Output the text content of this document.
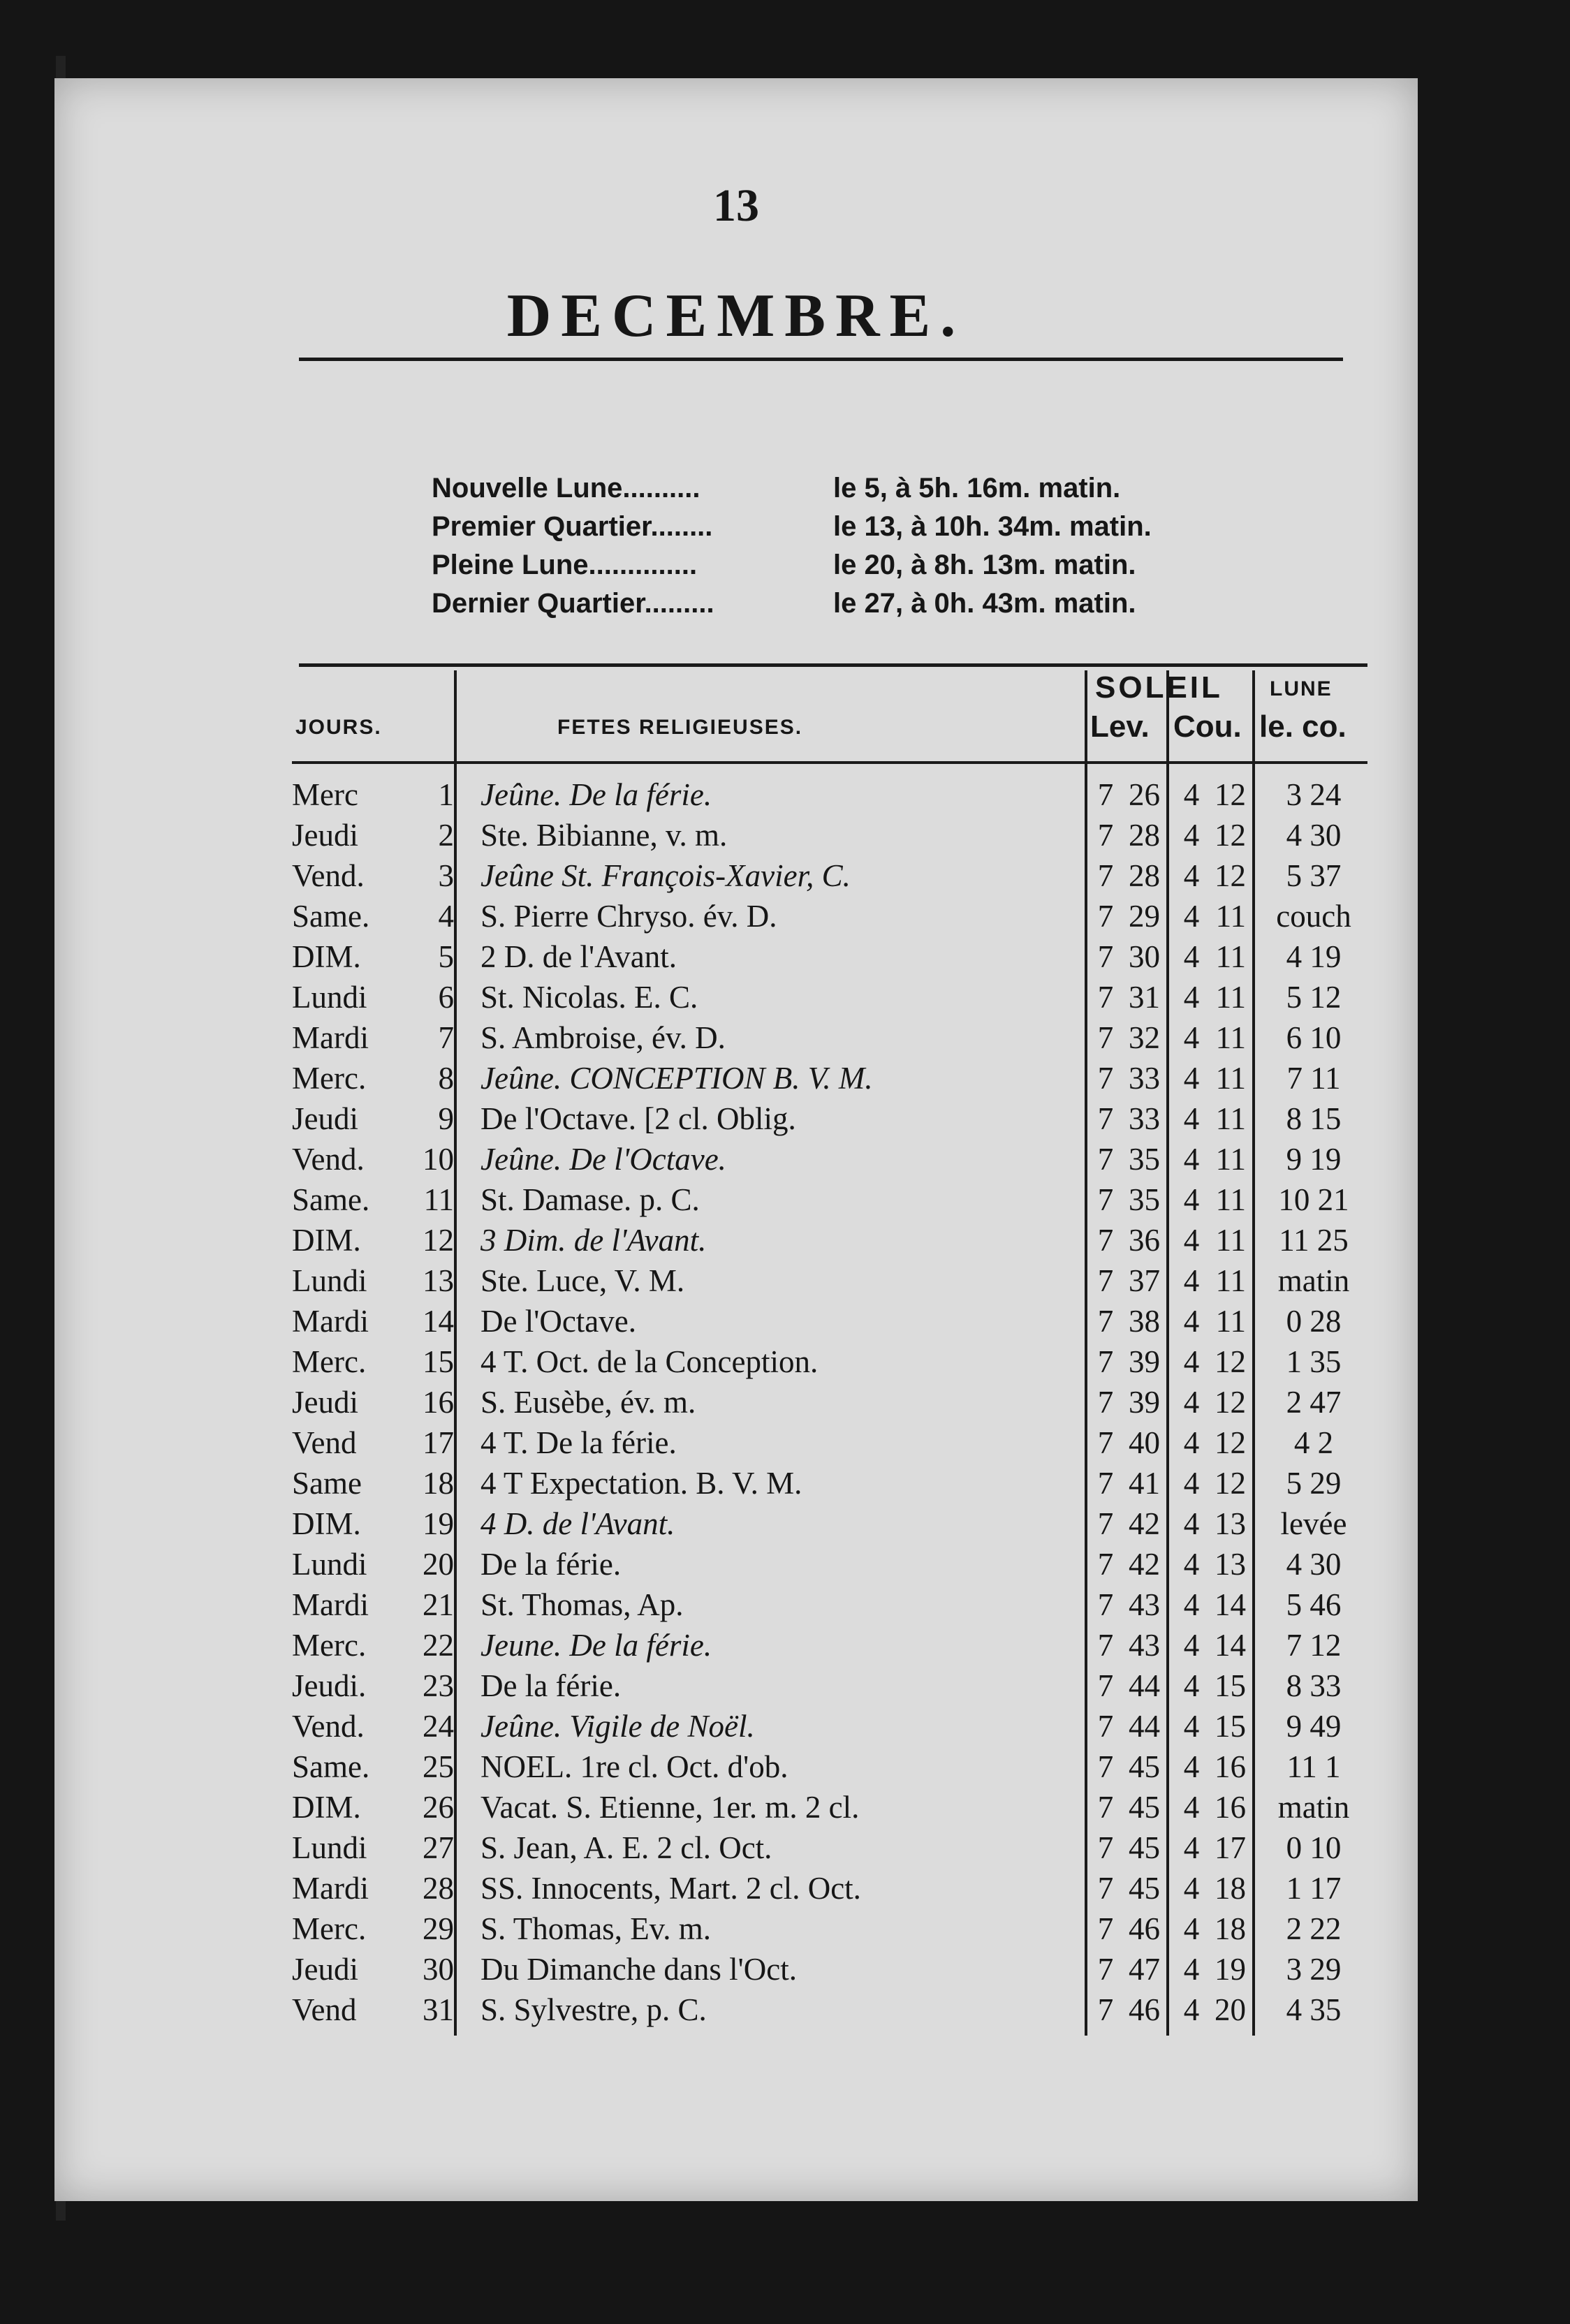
13
DECEMBRE.
Nouvelle Lune..........	le 5, à 5h. 16m. matin.
Premier Quartier........	le 13, à 10h. 34m. matin.
Pleine Lune..............	le 20, à 8h. 13m. matin.
Dernier Quartier.........	le 27, à 0h. 43m. matin.
JOURS.	FETES RELIGIEUSES.
SOLEIL
Lev. Cou.
LUNE
le. co.
Merc	1 Jeûne. De la férie.	7 26 4 12	3 24
Jeudi	2 Ste. Bibianne, v. m.	7 28 4 12	4 30
Vend.	3 Jeûne St. François-Xavier, C.	7 28 4 12	5 37
Same.	4 S. Pierre Chryso. év. D.	7 29 4 11 couch
DIM.	5 2 D. de l'Avant.	7 30 4 11	4 19
Lundi	6 St. Nicolas. E. C.	7 31 4 11	5 12
Mardi	7 S. Ambroise, év. D.	7 32 4 11	6 10
Merc.	8 Jeûne. CONCEPTION B. V. M.	7 33 4 11	7 11
Jeudi	9 De l'Octave. [2 cl. Oblig.	7 33 4 11	8 15
Vend.	10 Jeûne. De l'Octave.	7 35 4 11	9 19
Same.	11 St. Damase. p. C.	7 35 4 11	10 21
DIM.	12 3 Dim. de l'Avant.	7 36 4 11	11 25
Lundi	13 Ste. Luce, V. M.	7 37 4 11	matin
Mardi	14 De l'Octave.	7 38 4 11	0 28
Merc.	15 4 T. Oct. de la Conception.	7 39 4 12	1 35
Jeudi	16 S. Eusèbe, év. m.	7 39 4 12	2 47
Vend	17 4 T. De la férie.	7 40 4 12	4 2
Same	18 4 T Expectation. B. V. M.	7 41 4 12	5 29
DIM.	19 4 D. de l'Avant.	7 42 4 13	levée
Lundi	20 De la férie.	7 42 4 13	4 30
Mardi	21 St. Thomas, Ap.	7 43 4 14	5 46
Merc.	22 Jeune. De la férie.	7 43 4 14	7 12
Jeudi.	23 De la férie.	7 44 4 15	8 33
Vend.	24 Jeûne. Vigile de Noël.	7 44 4 15	9 49
Same.	25 NOEL. 1re cl. Oct. d'ob.	7 45 4 16	11 1
DIM.	26 Vacat. S. Etienne, 1er. m. 2 cl.	7 45 4 16	matin
Lundi	27 S. Jean, A. E. 2 cl. Oct.	7 45 4 17	0 10
Mardi	28 SS. Innocents, Mart. 2 cl. Oct.	7 45 4 18	1 17
Merc.	29 S. Thomas, Ev. m.	7 46 4 18	2 22
Jeudi	30 Du Dimanche dans l'Oct.	7 47 4 19	3 29
Vend	31 S. Sylvestre, p. C.	7 46 4 20	4 35
